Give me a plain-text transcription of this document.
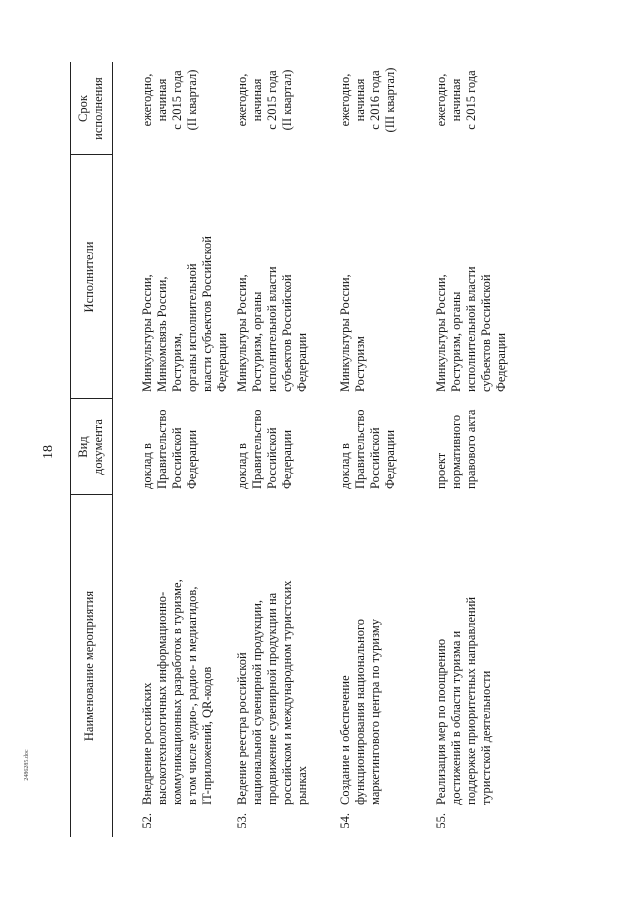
18
2486285.doc
Наименование мероприятия
Вид
документа
Исполнители
Срок
исполнения
52.
Внедрение российских
высокотехнологичных информационно-
коммуникационных разработок в туризме,
в том числе аудио-, радио- и медиагидов,
IT-приложений, QR-кодов
доклад в
Правительство
Российской
Федерации
Минкультуры России,
Минкомсвязь России,
Ростуризм,
органы исполнительной
власти субъектов Российской
Федерации
ежегодно,
начиная
с 2015 года
(II квартал)
53.
Ведение реестра российской
национальной сувенирной продукции,
продвижение сувенирной продукции на
российском и международном туристских
рынках
доклад в
Правительство
Российской
Федерации
Минкультуры России,
Ростуризм, органы
исполнительной власти
субъектов Российской
Федерации
ежегодно,
начиная
с 2015 года
(II квартал)
54.
Создание и обеспечение
функционирования национального
маркетингового центра по туризму
доклад в
Правительство
Российской
Федерации
Минкультуры России,
Ростуризм
ежегодно,
начиная
с 2016 года
(III квартал)
55.
Реализация мер по поощрению
достижений в области туризма и
поддержке приоритетных направлений
туристской деятельности
проект
нормативного
правового акта
Минкультуры России,
Ростуризм, органы
исполнительной власти
субъектов Российской
Федерации
ежегодно,
начиная
с 2015 года
